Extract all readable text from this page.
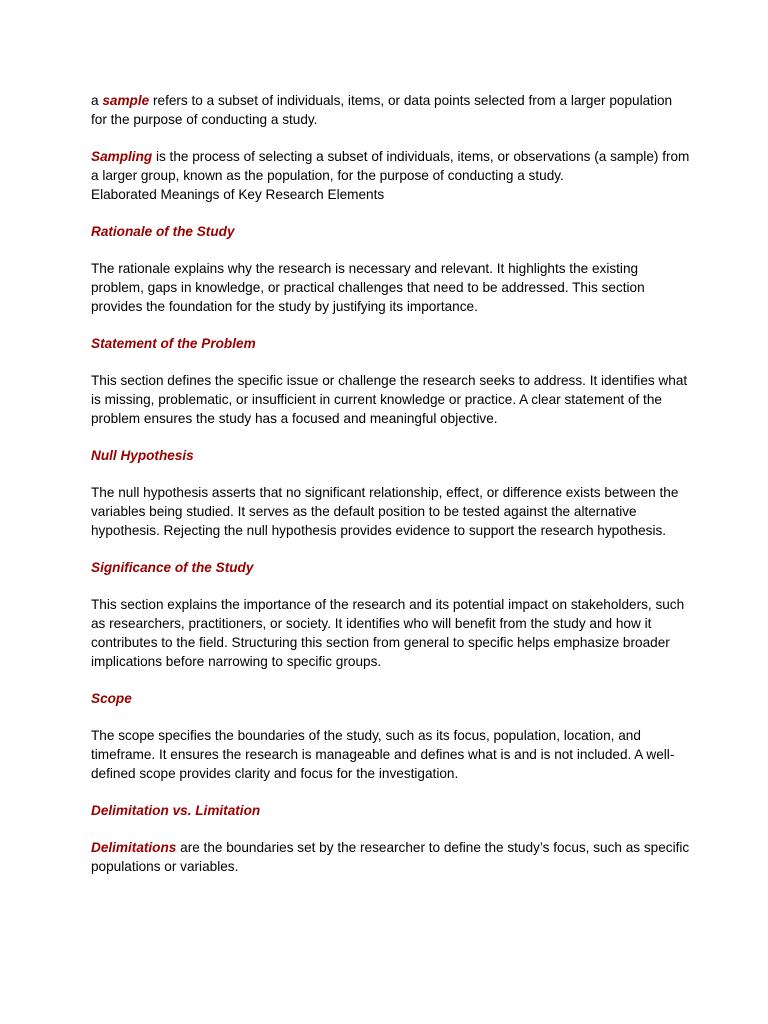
a sample refers to a subset of individuals, items, or data points selected from a larger population for the purpose of conducting a study.

Sampling is the process of selecting a subset of individuals, items, or observations (a sample) from a larger group, known as the population, for the purpose of conducting a study.

Elaborated Meanings of Key Research Elements

Rationale of the Study

The rationale explains why the research is necessary and relevant. It highlights the existing problem, gaps in knowledge, or practical challenges that need to be addressed. This section provides the foundation for the study by justifying its importance.

Statement of the Problem

This section defines the specific issue or challenge the research seeks to address. It identifies what is missing, problematic, or insufficient in current knowledge or practice. A clear statement of the problem ensures the study has a focused and meaningful objective.

Null Hypothesis

The null hypothesis asserts that no significant relationship, effect, or difference exists between the variables being studied. It serves as the default position to be tested against the alternative hypothesis. Rejecting the null hypothesis provides evidence to support the research hypothesis.

Significance of the Study

This section explains the importance of the research and its potential impact on stakeholders, such as researchers, practitioners, or society. It identifies who will benefit from the study and how it contributes to the field. Structuring this section from general to specific helps emphasize broader implications before narrowing to specific groups.

Scope

The scope specifies the boundaries of the study, such as its focus, population, location, and timeframe. It ensures the research is manageable and defines what is and is not included. A well-defined scope provides clarity and focus for the investigation.

Delimitation vs. Limitation

Delimitations are the boundaries set by the researcher to define the study’s focus, such as specific populations or variables.
